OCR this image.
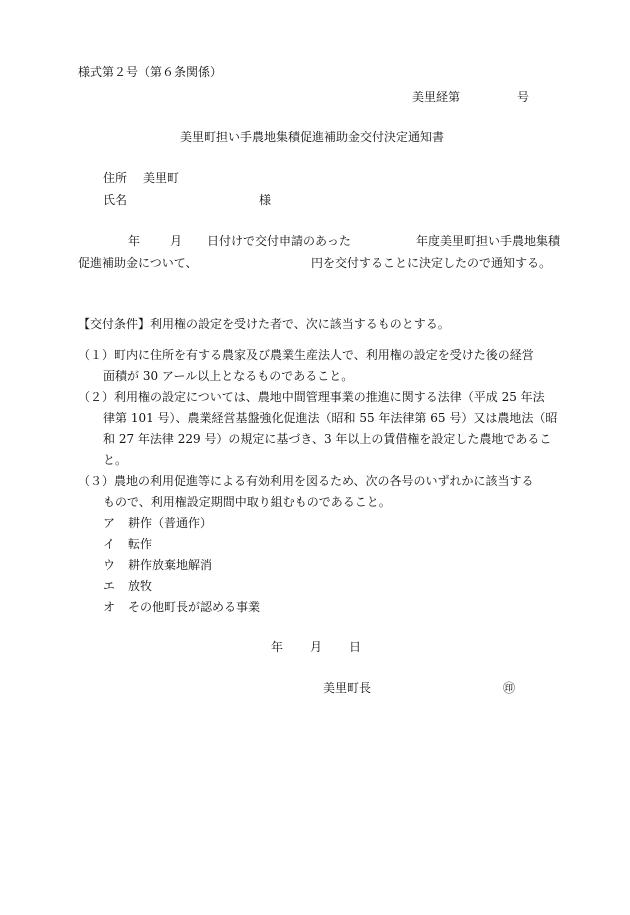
様式第２号（第６条関係）
美里経第	号
美里町担い手農地集積促進補助金交付決定通知書
住所 美里町
氏名	様
年 月 日付けで交付申請のあった	年度美里町担い手農地集積
促進補助金について、	円を交付することに決定したので通知する。
【交付条件】利用権の設定を受けた者で、次に該当するものとする。
（１）町内に住所を有する農家及び農業生産法人で、利用権の設定を受けた後の経営
面積が 30 アール以上となるものであること。
（２）利用権の設定については、農地中間管理事業の推進に関する法律（平成 25 年法
律第 101 号）、農業経営基盤強化促進法（昭和 55 年法律第 65 号）又は農地法（昭
和 27 年法律 229 号）の規定に基づき、3 年以上の賃借権を設定した農地であるこ
と。
（３）農地の利用促進等による有効利用を図るため、次の各号のいずれかに該当する
もので、利用権設定期間中取り組むものであること。
ア 耕作（普通作）
イ 転作
ウ 耕作放棄地解消
エ 放牧
オ その他町長が認める事業
年 月 日
美里町長	㊞
